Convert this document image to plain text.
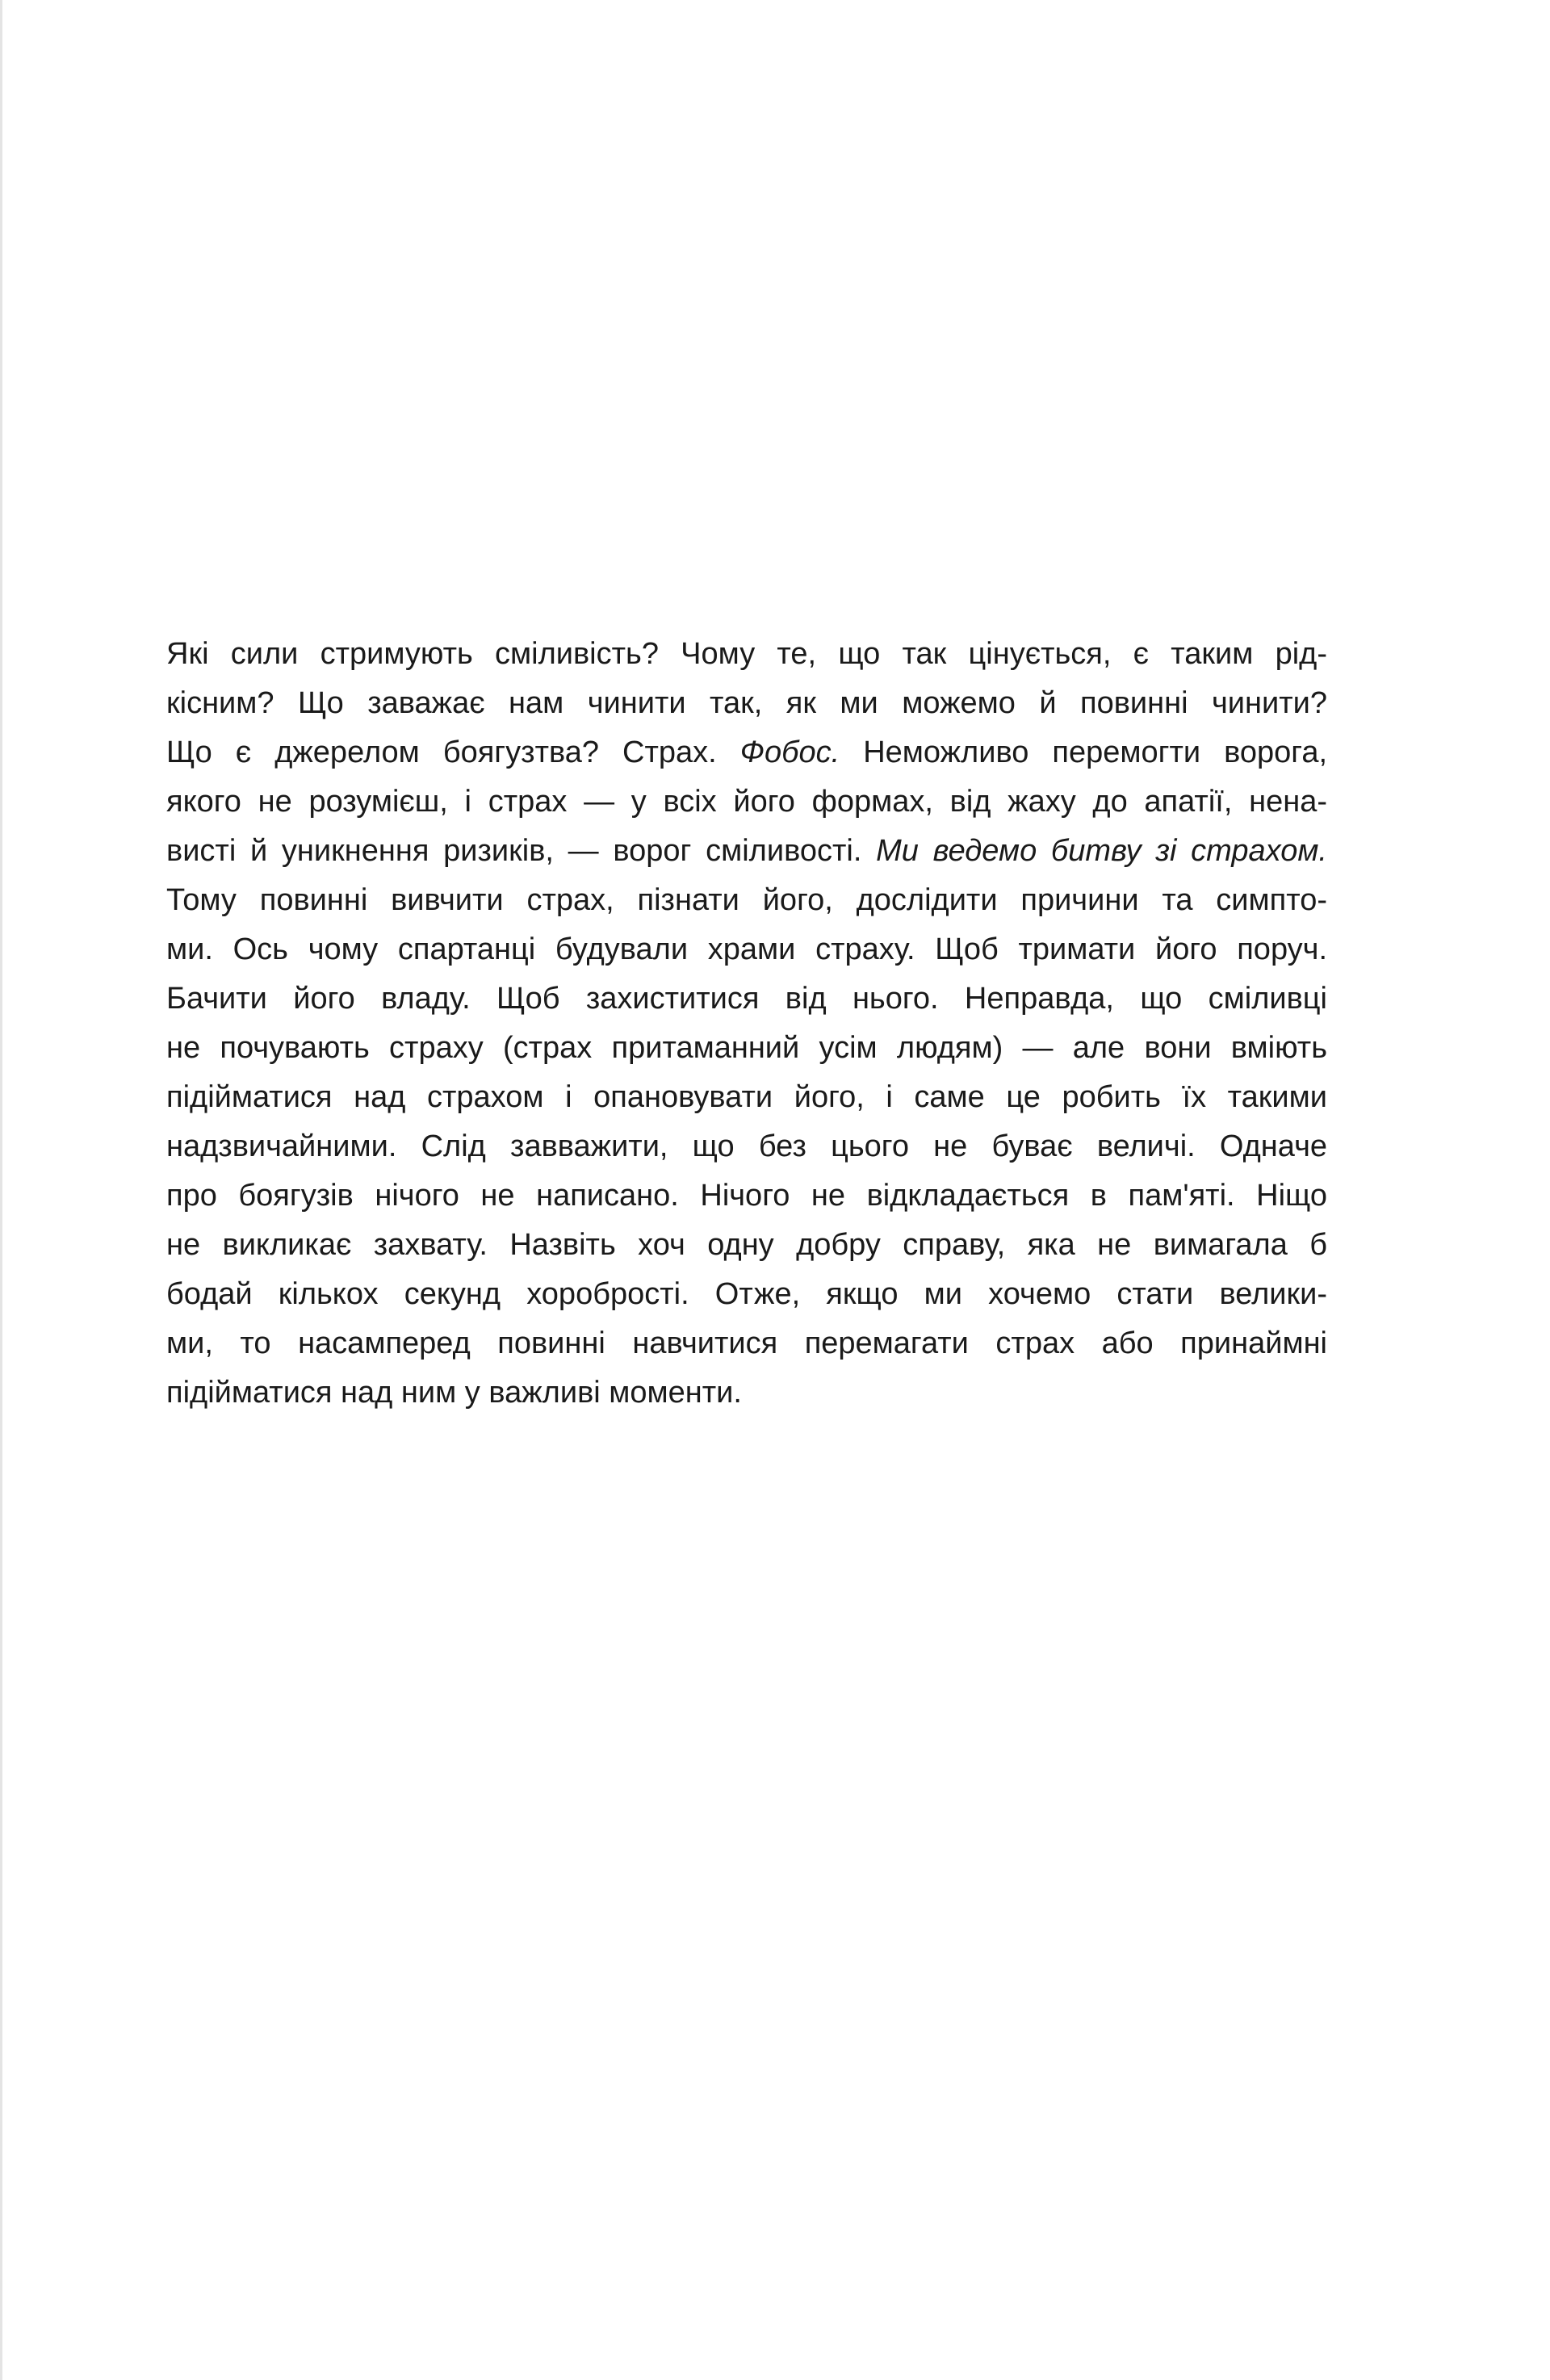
Які сили стримують сміливість? Чому те, що так цінується, є таким рід-
кісним? Що заважає нам чинити так, як ми можемо й повинні чинити?
Що є джерелом боягузтва? Страх. Фобос. Неможливо перемогти ворога,
якого не розумієш, і страх — у всіх його формах, від жаху до апатії, нена-
висті й уникнення ризиків, — ворог сміливості. Ми ведемо битву зі страхом.
Тому повинні вивчити страх, пізнати його, дослідити причини та симпто-
ми. Ось чому спартанці будували храми страху. Щоб тримати його поруч.
Бачити його владу. Щоб захиститися від нього. Неправда, що сміливці
не почувають страху (страх притаманний усім людям) — але вони вміють
підійматися над страхом і опановувати його, і саме це робить їх такими
надзвичайними. Слід завважити, що без цього не буває величі. Одначе
про боягузів нічого не написано. Нічого не відкладається в пам'яті. Ніщо
не викликає захвату. Назвіть хоч одну добру справу, яка не вимагала б
бодай кількох секунд хоробрості. Отже, якщо ми хочемо стати велики-
ми, то насамперед повинні навчитися перемагати страх або принаймні
підійматися над ним у важливі моменти.
